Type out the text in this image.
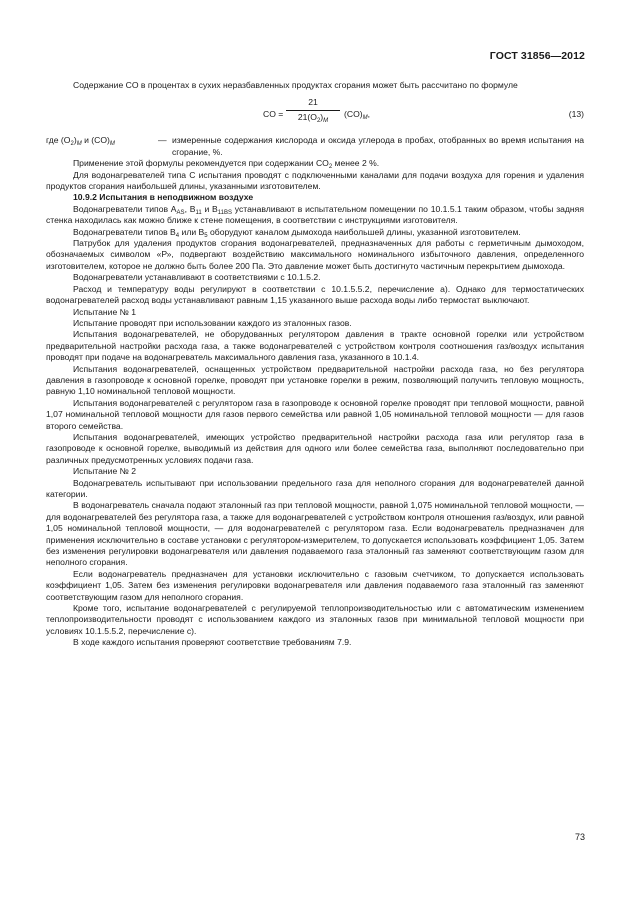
ГОСТ 31856—2012

Содержание CO в процентах в сухих неразбавленных продуктах сгорания может быть рассчитано по формуле

CO = $\frac{21}{21(O_2)_M} (CO)_M$,	(13)
где $(O_2)_M$ и $(CO)_M$	— измеренные содержания кислорода и оксида углерода в пробах, отобранных во время испытания на сгорание, %.

Применение этой формулы рекомендуется при содержании $CO_2$ менее 2 %.

Для водонагревателей типа С испытания проводят с подключенными каналами для подачи воздуха для горения и удаления продуктов сгорания наибольшей длины, указанными изготовителем.

10.9.2 Испытания в неподвижном воздухе

Водонагреватели типов $A_{AS}$, $B_{11}$ и $B_{11BS}$ устанавливают в испытательном помещении по 10.1.5.1 таким образом, чтобы задняя стенка находилась как можно ближе к стене помещения, в соответствии с инструкциями изготовителя.

Водонагреватели типов $B_4$ или $B_5$ оборудуют каналом дымохода наибольшей длины, указанной изготовителем.

Патрубок для удаления продуктов сгорания водонагревателей, предназначенных для работы с герметичным дымоходом, обозначаемых символом «Р», подвергают воздействию максимального номинального избыточного давления, определенного изготовителем, которое не должно быть более 200 Па. Это давление может быть достигнуто частичным перекрытием дымохода.

Водонагреватели устанавливают в соответствиями с 10.1.5.2.

Расход и температуру воды регулируют в соответствии с 10.1.5.5.2, перечисление а). Однако для термостатических водонагревателей расход воды устанавливают равным 1,15 указанного выше расхода воды либо термостат выключают.

Испытание № 1

Испытание проводят при использовании каждого из эталонных газов.

Испытания водонагревателей, не оборудованных регулятором давления в тракте основной горелки или устройством предварительной настройки расхода газа, а также водонагревателей с устройством контроля соотношения газ/воздух испытания проводят при подаче на водонагреватель максимального давления газа, указанного в 10.1.4.

Испытания водонагревателей, оснащенных устройством предварительной настройки расхода газа, но без регулятора давления в газопроводе к основной горелке, проводят при установке горелки в режим, позволяющий получить тепловую мощность, равную 1,10 номинальной тепловой мощности.

Испытания водонагревателей с регулятором газа в газопроводе к основной горелке проводят при тепловой мощности, равной 1,07 номинальной тепловой мощности для газов первого семейства или равной 1,05 номинальной тепловой мощности — для газов второго семейства.

Испытания водонагревателей, имеющих устройство предварительной настройки расхода газа или регулятор газа в газопроводе к основной горелке, выводимый из действия для одного или более семейства газа, выполняют последовательно при различных предусмотренных условиях подачи газа.

Испытание № 2

Водонагреватель испытывают при использовании предельного газа для неполного сгорания для водонагревателей данной категории.

В водонагреватель сначала подают эталонный газ при тепловой мощности, равной 1,075 номинальной тепловой мощности, — для водонагревателей без регулятора газа, а также для водонагревателей с устройством контроля отношения газ/воздух, или равной 1,05 номинальной тепловой мощности, — для водонагревателей с регулятором газа. Если водонагреватель предназначен для применения исключительно в составе установки с регулятором-измерителем, то допускается использовать коэффициент 1,05. Затем без изменения регулировки водонагревателя или давления подаваемого газа эталонный газ заменяют соответствующим газом для неполного сгорания.

Если водонагреватель предназначен для установки исключительно с газовым счетчиком, то допускается использовать коэффициент 1,05. Затем без изменения регулировки водонагревателя или давления подаваемого газа эталонный газ заменяют соответствующим газом для неполного сгорания.

Кроме того, испытание водонагревателей с регулируемой теплопроизводительностью или с автоматическим изменением теплопроизводительности проводят с использованием каждого из эталонных газов при минимальной тепловой мощности при условиях 10.1.5.5.2, перечисление с).

В ходе каждого испытания проверяют соответствие требованиям 7.9.

73
